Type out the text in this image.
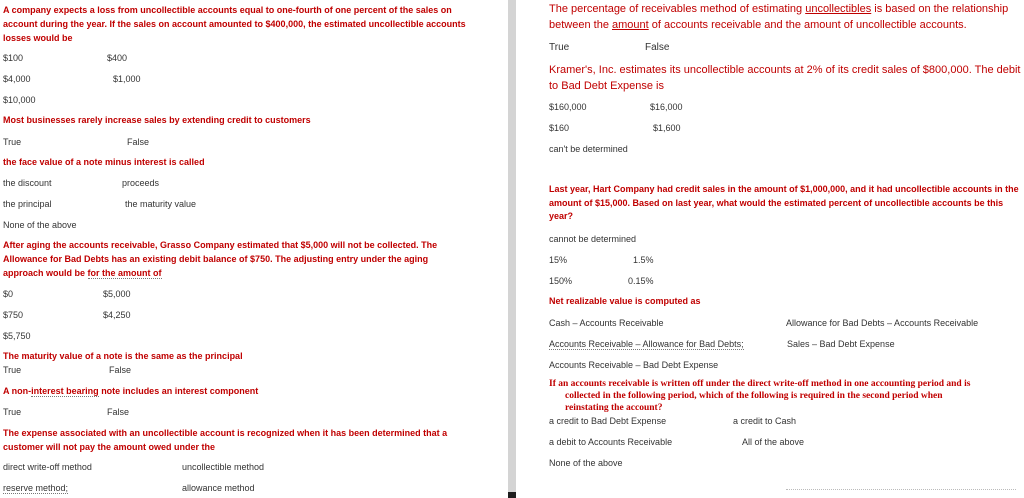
A company expects a loss from uncollectible accounts equal to one-fourth of one percent of the sales on account during the year. If the sales on account amounted to $400,000, the estimated uncollectible accounts losses would be
$100	$400
$4,000	$1,000
$10,000
Most businesses rarely increase sales by extending credit to customers
True	False
the face value of a note minus interest is called
the discount	proceeds
the principal	the maturity value
None of the above
After aging the accounts receivable, Grasso Company estimated that $5,000 will not be collected. The Allowance for Bad Debts has an existing debit balance of $750. The adjusting entry under the aging approach would be for the amount of
$0	$5,000
$750	$4,250
$5,750
The maturity value of a note is the same as the principal
True	False
A non-interest bearing note includes an interest component
True	False
The expense associated with an uncollectible account is recognized when it has been determined that a customer will not pay the amount owed under the
direct write-off method	uncollectible method
reserve method;	allowance method
The percentage of receivables method of estimating uncollectibles is based on the relationship between the amount of accounts receivable and the amount of uncollectible accounts.
True	False
Kramer's, Inc. estimates its uncollectible accounts at 2% of its credit sales of $800,000. The debit to Bad Debt Expense is
$160,000	$16,000
$160	$1,600
can't be determined
Last year, Hart Company had credit sales in the amount of $1,000,000, and it had uncollectible accounts in the amount of $15,000. Based on last year, what would the estimated percent of uncollectible accounts be this year?
cannot be determined
15%	1.5%
150%	0.15%
Net realizable value is computed as
Cash – Accounts Receivable	Allowance for Bad Debts – Accounts Receivable
Accounts Receivable – Allowance for Bad Debts;	Sales – Bad Debt Expense
Accounts Receivable – Bad Debt Expense
If an accounts receivable is written off under the direct write-off method in one accounting period and is
collected in the following period, which of the following is required in the second period when
reinstating the account?
a credit to Bad Debt Expense	a credit to Cash
a debit to Accounts Receivable	All of the above
None of the above
